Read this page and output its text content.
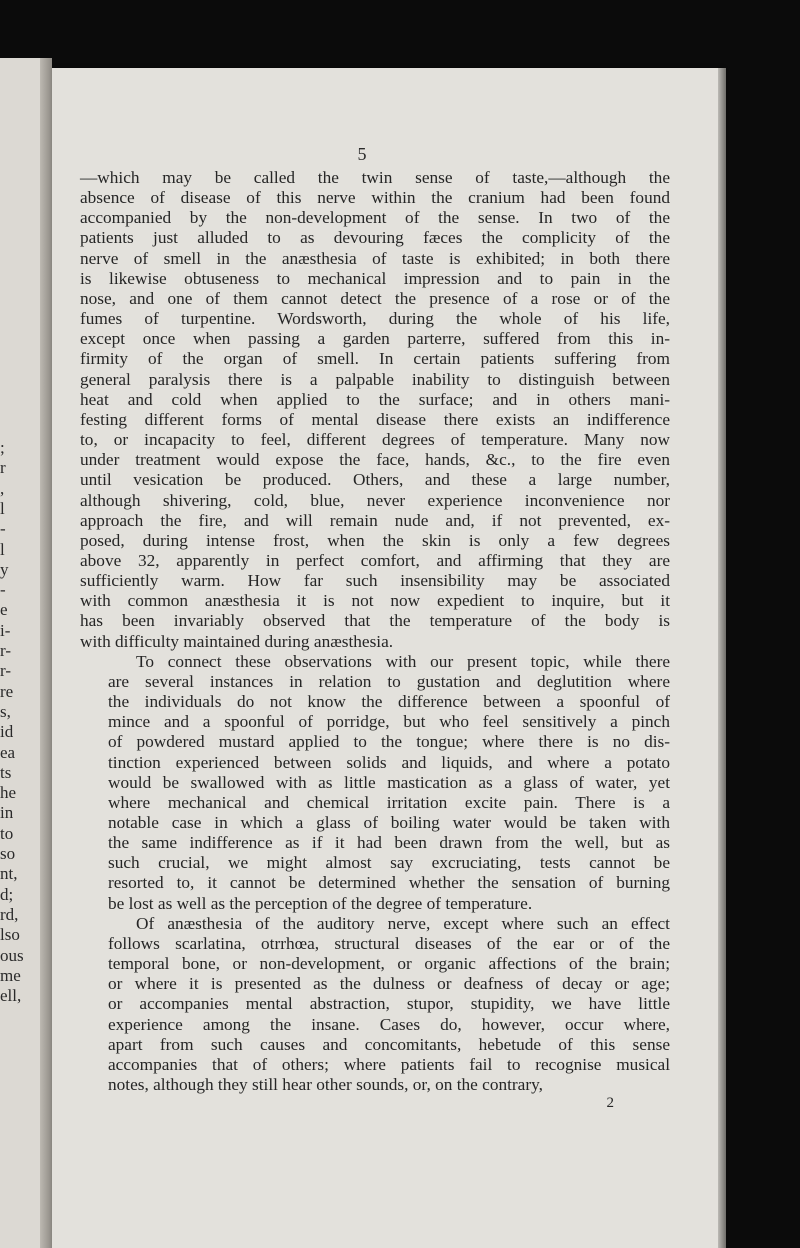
;
r
,
l
-
l
y
-
e
i-
r-
r-
re
s,
id
ea
ts
he
in
to
so
nt,
d;
rd,
lso
ous
me
ell,
5

—which may be called the twin sense of taste,—although the
absence of disease of this nerve within the cranium had been found
accompanied by the non-development of the sense. In two of the
patients just alluded to as devouring fæces the complicity of the
nerve of smell in the anæsthesia of taste is exhibited; in both there
is likewise obtuseness to mechanical impression and to pain in the
nose, and one of them cannot detect the presence of a rose or of the
fumes of turpentine. Wordsworth, during the whole of his life,
except once when passing a garden parterre, suffered from this in-
firmity of the organ of smell. In certain patients suffering from
general paralysis there is a palpable inability to distinguish between
heat and cold when applied to the surface; and in others mani-
festing different forms of mental disease there exists an indifference
to, or incapacity to feel, different degrees of temperature. Many now
under treatment would expose the face, hands, &c., to the fire even
until vesication be produced. Others, and these a large number,
although shivering, cold, blue, never experience inconvenience nor
approach the fire, and will remain nude and, if not prevented, ex-
posed, during intense frost, when the skin is only a few degrees
above 32, apparently in perfect comfort, and affirming that they are
sufficiently warm. How far such insensibility may be associated
with common anæsthesia it is not now expedient to inquire, but it
has been invariably observed that the temperature of the body is
with difficulty maintained during anæsthesia.

To connect these observations with our present topic, while there
are several instances in relation to gustation and deglutition where
the individuals do not know the difference between a spoonful of
mince and a spoonful of porridge, but who feel sensitively a pinch
of powdered mustard applied to the tongue; where there is no dis-
tinction experienced between solids and liquids, and where a potato
would be swallowed with as little mastication as a glass of water, yet
where mechanical and chemical irritation excite pain. There is a
notable case in which a glass of boiling water would be taken with
the same indifference as if it had been drawn from the well, but as
such crucial, we might almost say excruciating, tests cannot be
resorted to, it cannot be determined whether the sensation of burning
be lost as well as the perception of the degree of temperature.

Of anæsthesia of the auditory nerve, except where such an effect
follows scarlatina, otrrhœa, structural diseases of the ear or of the
temporal bone, or non-development, or organic affections of the brain;
or where it is presented as the dulness or deafness of decay or age;
or accompanies mental abstraction, stupor, stupidity, we have little
experience among the insane. Cases do, however, occur where,
apart from such causes and concomitants, hebetude of this sense
accompanies that of others; where patients fail to recognise musical
notes, although they still hear other sounds, or, on the contrary,

2
